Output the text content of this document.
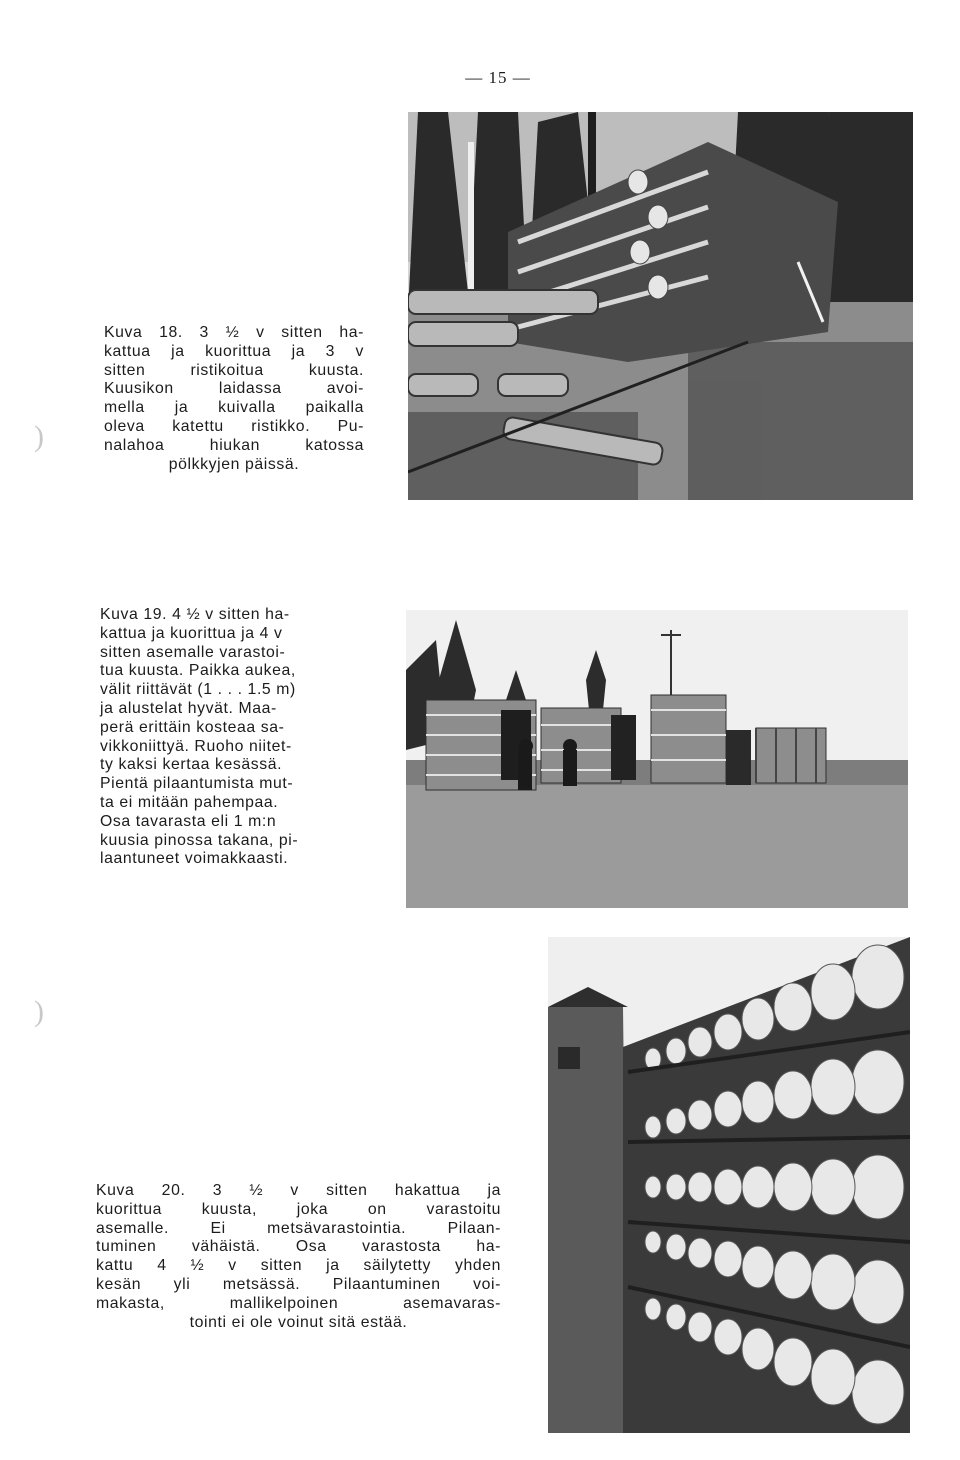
— 15 —
)
)
Kuva 18. 3 ½ v sitten ha-
kattua ja kuorittua ja 3 v
sitten ristikoitua kuusta.
Kuusikon laidassa avoi-
mella ja kuivalla paikalla
oleva katettu ristikko. Pu-
nalahoa hiukan katossa
pölkkyjen päissä.
Kuva 19. 4 ½ v sitten ha-
kattua ja kuorittua ja 4 v
sitten asemalle varastoi-
tua kuusta. Paikka aukea,
välit riittävät (1 . . . 1.5 m)
ja alustelat hyvät. Maa-
perä erittäin kosteaa sa-
vikkoniittyä. Ruoho niitet-
ty kaksi kertaa kesässä.
Pientä pilaantumista mut-
ta ei mitään pahempaa.
Osa tavarasta eli 1 m:n
kuusia pinossa takana, pi-
laantuneet voimakkaasti.
Kuva 20. 3 ½ v sitten hakattua ja
kuorittua kuusta, joka on varastoitu
asemalle. Ei metsävarastointia. Pilaan-
tuminen vähäistä. Osa varastosta ha-
kattu 4 ½ v sitten ja säilytetty yhden
kesän yli metsässä. Pilaantuminen voi-
makasta, mallikelpoinen asemavaras-
tointi ei ole voinut sitä estää.
